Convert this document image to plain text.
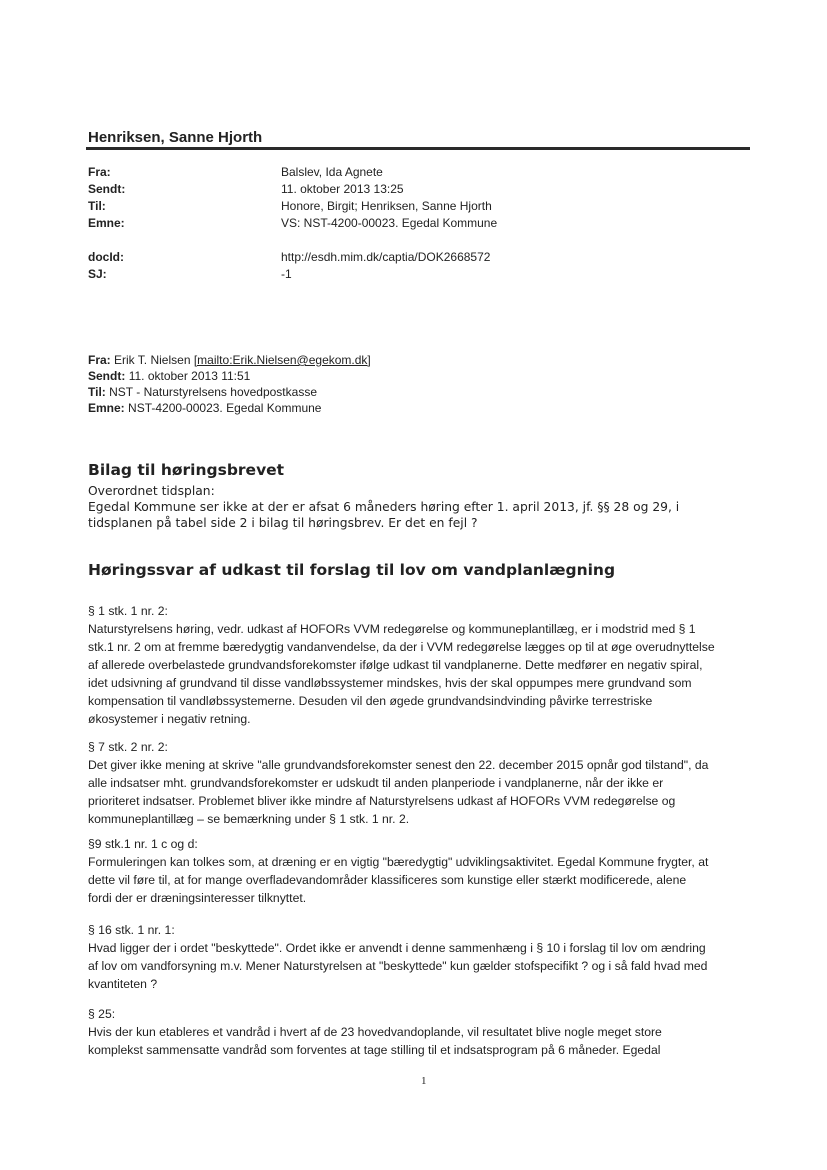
Henriksen, Sanne Hjorth
Fra:	Balslev, Ida Agnete
Sendt:	11. oktober 2013 13:25
Til:	Honore, Birgit; Henriksen, Sanne Hjorth
Emne:	VS: NST-4200-00023. Egedal Kommune
docId:	http://esdh.mim.dk/captia/DOK2668572
SJ:	-1
Fra: Erik T. Nielsen [mailto:Erik.Nielsen@egekom.dk]
Sendt: 11. oktober 2013 11:51
Til: NST - Naturstyrelsens hovedpostkasse
Emne: NST-4200-00023. Egedal Kommune
Bilag til høringsbrevet
Overordnet tidsplan:
Egedal Kommune ser ikke at der er afsat 6 måneders høring efter 1. april 2013, jf. §§ 28 og 29, i
tidsplanen på tabel side 2 i bilag til høringsbrev. Er det en fejl ?
Høringssvar af udkast til forslag til lov om vandplanlægning
§ 1 stk. 1 nr. 2:
Naturstyrelsens høring, vedr. udkast af HOFORs VVM redegørelse og kommuneplantillæg, er i modstrid med § 1
stk.1 nr. 2 om at fremme bæredygtig vandanvendelse, da der i VVM redegørelse lægges op til at øge overudnyttelse
af allerede overbelastede grundvandsforekomster ifølge udkast til vandplanerne. Dette medfører en negativ spiral,
idet udsivning af grundvand til disse vandløbssystemer mindskes, hvis der skal oppumpes mere grundvand som
kompensation til vandløbssystemerne. Desuden vil den øgede grundvandsindvinding påvirke terrestriske
økosystemer i negativ retning.
§ 7 stk. 2 nr. 2:
Det giver ikke mening at skrive "alle grundvandsforekomster senest den 22. december 2015 opnår god tilstand", da
alle indsatser mht. grundvandsforekomster er udskudt til anden planperiode i vandplanerne, når der ikke er
prioriteret indsatser. Problemet bliver ikke mindre af Naturstyrelsens udkast af HOFORs VVM redegørelse og
kommuneplantillæg – se bemærkning under § 1 stk. 1 nr. 2.
§9 stk.1 nr. 1 c og d:
Formuleringen kan tolkes som, at dræning er en vigtig "bæredygtig" udviklingsaktivitet. Egedal Kommune frygter, at
dette vil føre til, at for mange overfladevandområder klassificeres som kunstige eller stærkt modificerede, alene
fordi der er dræningsinteresser tilknyttet.
§ 16 stk. 1 nr. 1:
Hvad ligger der i ordet "beskyttede". Ordet ikke er anvendt i denne sammenhæng i § 10 i forslag til lov om ændring
af lov om vandforsyning m.v. Mener Naturstyrelsen at "beskyttede" kun gælder stofspecifikt ? og i så fald hvad med
kvantiteten ?
§ 25:
Hvis der kun etableres et vandråd i hvert af de 23 hovedvandoplande, vil resultatet blive nogle meget store
komplekst sammensatte vandråd som forventes at tage stilling til et indsatsprogram på 6 måneder. Egedal
1
